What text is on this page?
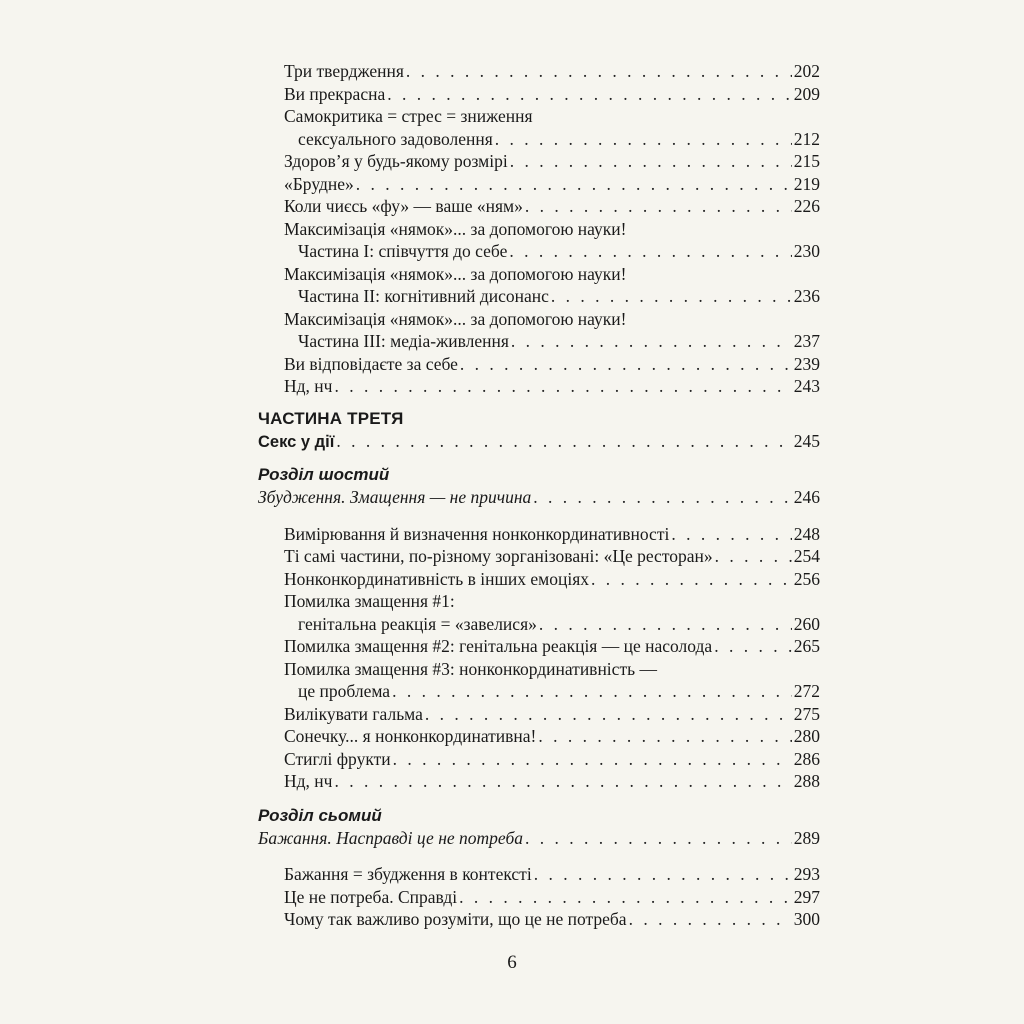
Три твердження . . .	202
Ви прекрасна . . .	209
Самокритика = стрес = зниження
сексуального задоволення . . .	212
Здоров’я у будь-якому розмірі . . .	215
«Брудне» . . .	219
Коли чиєсь «фу» — ваше «ням» . . .	226
Максимізація «нямок»... за допомогою науки!
Частина I: співчуття до себе . . .	230
Максимізація «нямок»... за допомогою науки!
Частина II: когнітивний дисонанс . . .	236
Максимізація «нямок»... за допомогою науки!
Частина III: медіа-живлення . . .	237
Ви відповідаєте за себе . . .	239
Нд, нч . . .	243
ЧАСТИНА ТРЕТЯ
Секс у дії . . .	245
Розділ шостий
Збудження. Змащення — не причина . . .	246
Вимірювання й визначення нонконкординативності . . .	248
Ті самі частини, по-різному зорганізовані: «Це ресторан» . . .	254
Нонконкординативність в інших емоціях . . .	256
Помилка змащення #1:
генітальна реакція = «завелися» . . .	260
Помилка змащення #2: генітальна реакція — це насолода . . .	265
Помилка змащення #3: нонконкординативність —
це проблема . . .	272
Вилікувати гальма . . .	275
Сонечку... я нонконкординативна! . . .	280
Стиглі фрукти . . .	286
Нд, нч . . .	288
Розділ сьомий
Бажання. Насправді це не потреба . . .	289
Бажання = збудження в контексті . . .	293
Це не потреба. Справді . . .	297
Чому так важливо розуміти, що це не потреба . . .	300
6
